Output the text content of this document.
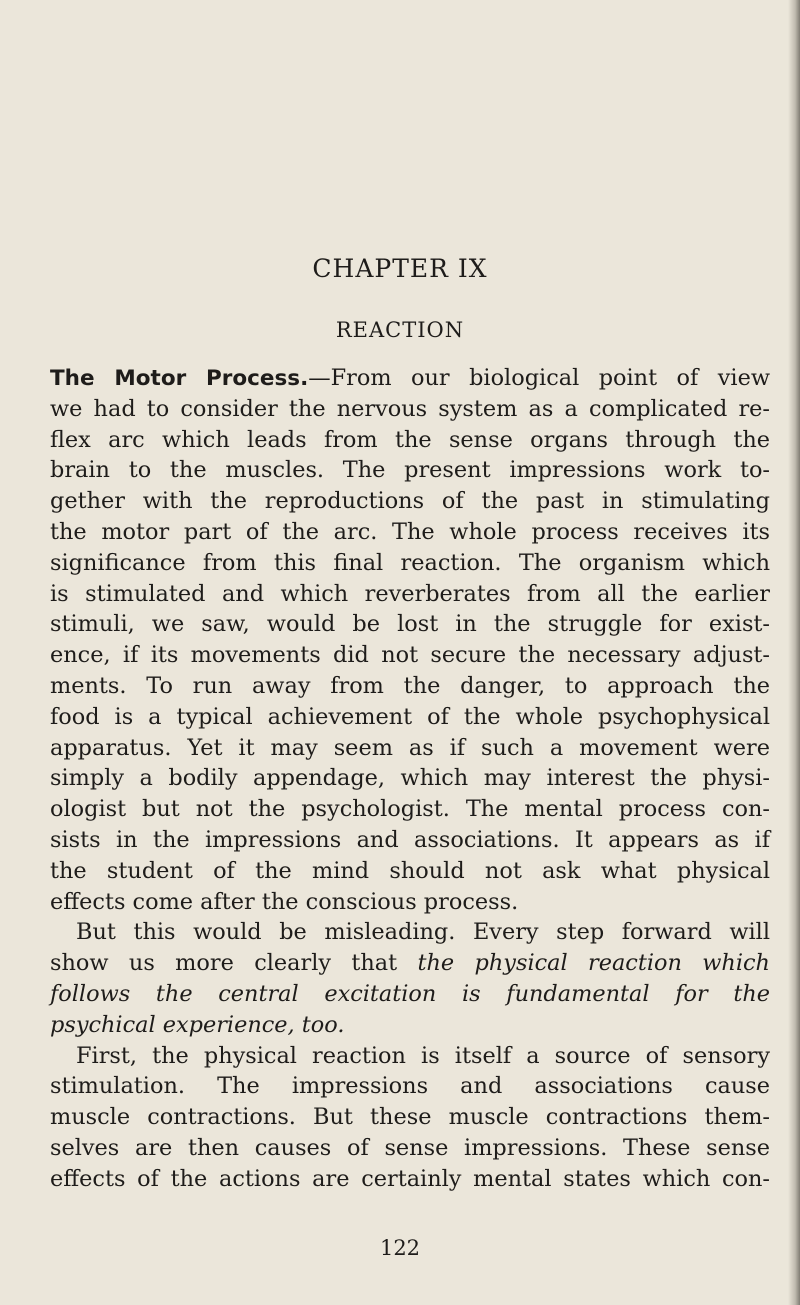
CHAPTER IX
REACTION
The Motor Process.—From our biological point of view
we had to consider the nervous system as a complicated re-
flex arc which leads from the sense organs through the
brain to the muscles. The present impressions work to-
gether with the reproductions of the past in stimulating
the motor part of the arc. The whole process receives its
significance from this final reaction. The organism which
is stimulated and which reverberates from all the earlier
stimuli, we saw, would be lost in the struggle for exist-
ence, if its movements did not secure the necessary adjust-
ments. To run away from the danger, to approach the
food is a typical achievement of the whole psychophysical
apparatus. Yet it may seem as if such a movement were
simply a bodily appendage, which may interest the physi-
ologist but not the psychologist. The mental process con-
sists in the impressions and associations. It appears as if
the student of the mind should not ask what physical
effects come after the conscious process.
But this would be misleading. Every step forward will
show us more clearly that the physical reaction which
follows the central excitation is fundamental for the
psychical experience, too.
First, the physical reaction is itself a source of sensory
stimulation. The impressions and associations cause
muscle contractions. But these muscle contractions them-
selves are then causes of sense impressions. These sense
effects of the actions are certainly mental states which con-
122
